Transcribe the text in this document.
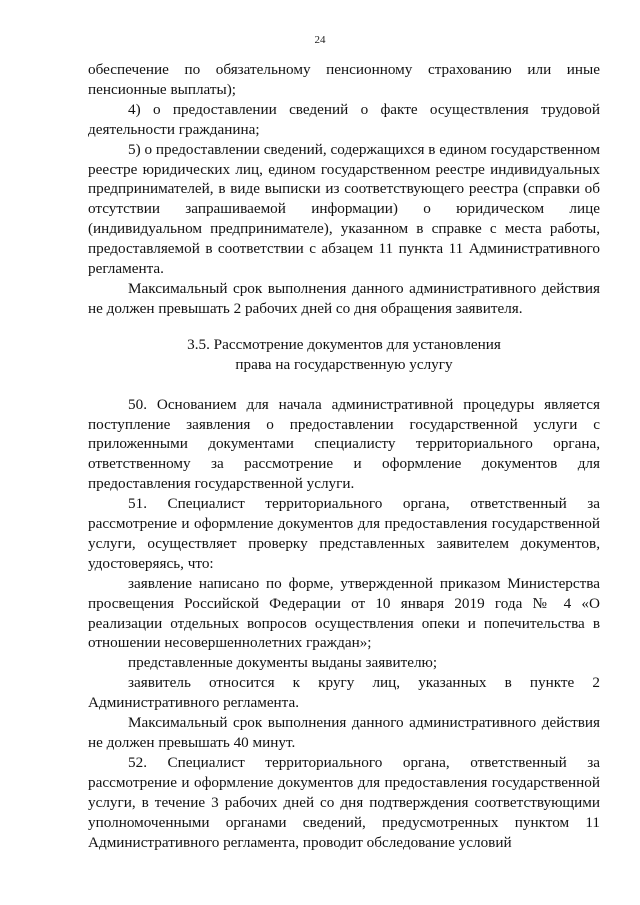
24

обеспечение по обязательному пенсионному страхованию или иные пенсионные выплаты);

4) о предоставлении сведений о факте осуществления трудовой деятельности гражданина;

5) о предоставлении сведений, содержащихся в едином государственном реестре юридических лиц, едином государственном реестре индивидуальных предпринимателей, в виде выписки из соответствующего реестра (справки об отсутствии запрашиваемой информации) о юридическом лице (индивидуальном предпринимателе), указанном в справке с места работы, предоставляемой в соответствии с абзацем 11 пункта 11 Административного регламента.

Максимальный срок выполнения данного административного действия не должен превышать 2 рабочих дней со дня обращения заявителя.

3.5. Рассмотрение документов для установления

права на государственную услугу

50. Основанием для начала административной процедуры является поступление заявления о предоставлении государственной услуги с приложенными документами специалисту территориального органа, ответственному за рассмотрение и оформление документов для предоставления государственной услуги.

51. Специалист территориального органа, ответственный за рассмотрение и оформление документов для предоставления государственной услуги, осуществляет проверку представленных заявителем документов, удостоверяясь, что:

заявление написано по форме, утвержденной приказом Министерства просвещения Российской Федерации от 10 января 2019 года № 4 «О реализации отдельных вопросов осуществления опеки и попечительства в отношении несовершеннолетних граждан»;

представленные документы выданы заявителю;

заявитель относится к кругу лиц, указанных в пункте 2 Административного регламента.

Максимальный срок выполнения данного административного действия не должен превышать 40 минут.

52. Специалист территориального органа, ответственный за рассмотрение и оформление документов для предоставления государственной услуги, в течение 3 рабочих дней со дня подтверждения соответствующими уполномоченными органами сведений, предусмотренных пунктом 11 Административного регламента, проводит обследование условий
